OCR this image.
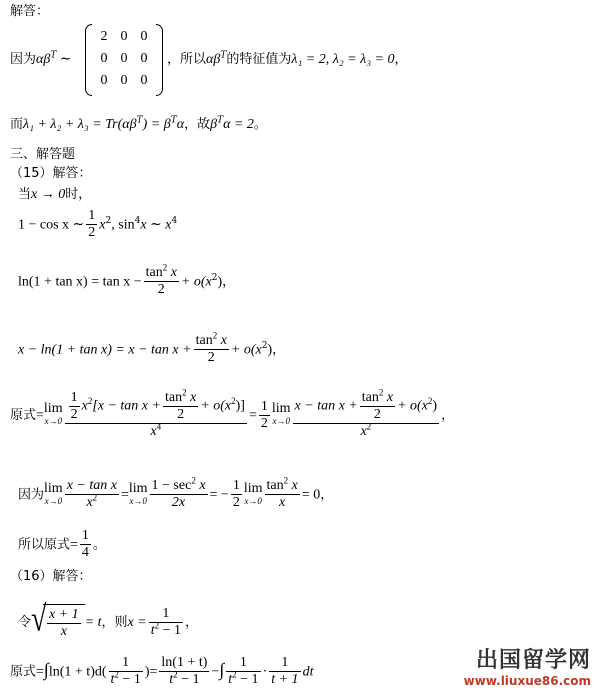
解答：
因为$\alpha\beta^T$ ∼
2	0	0
0	0	0
0	0	0
，所以$\alpha\beta^T$的特征值为λ₁ = 2, λ₂ = λ₃ = 0，
而$\lambda_1 + \lambda_2 + \lambda_3 = Tr(\alpha\beta^T) = \beta^T\alpha$，故$\beta^T\alpha = 2$。
三、解答题
（15）解答：
当x → 0时，
1 − cos x ∼ $\frac{1}{2} x^2$, $\sin^4x$ ∼ $x^4$
$\ln(1 + \tan x) = \tan x - \frac{\tan^2 x}{2} + o(x^2)$，
$x - \ln(1 + \tan x) = x - \tan x + \frac{\tan^2 x}{2} + o(x^2)$，
原式=lim
$x\to 0 \frac{\frac{1}{2} x^2[x - \tan x + \frac{\tan^2 x}{2} + o(x^2)]}{x^4} = \frac{1}{2}$ lim
$x\to 0 \frac{x - \tan x + \frac{\tan^2 x}{2} + o(x^2)}{x^2}$ ，
因为lim
$x\to 0 \frac{\text{x − tan x}}{x^2} =\lim$
$x\to 0 \frac{1 - \sec^2 x}{2x}$ = − $\frac{1}{2}$ lim
$x\to 0 \frac{\tan^2 x}{x} = 0$，
所以原式= $\frac{1}{4}$ 。
（16）解答：
令 √ $\frac{x + 1}{x} = t$，则$x = \frac{1}{t^2 - 1}$ ，
原式$=\int\ln(1 + t)d( \frac{1}{t^2 - 1}$ )= $\frac{\ln(1 + t)}{t^2 - 1}$ −∫ $\frac{1}{t^2 - 1} \cdot \frac{1}{t + 1}$ dt	出国留学网
www.liuxue86.com
